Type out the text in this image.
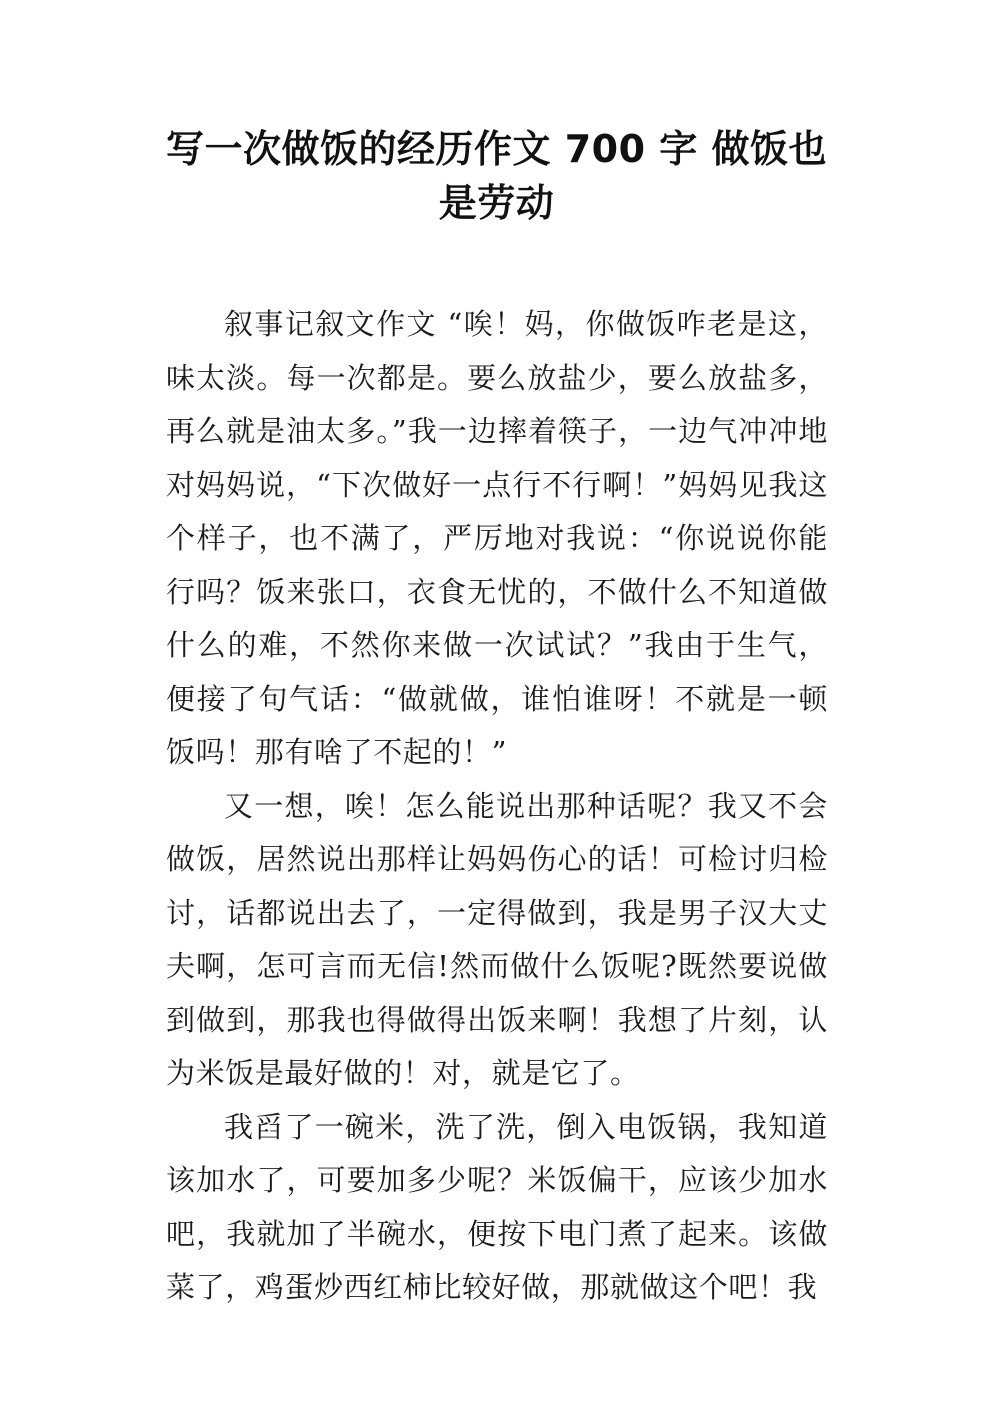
写一次做饭的经历作文 700 字 做饭也是劳动

叙事记叙文作文 “唉！妈，你做饭咋老是这，味太淡。每一次都是。要么放盐少，要么放盐多，再么就是油太多。”我一边摔着筷子，一边气冲冲地对妈妈说，“下次做好一点行不行啊！”妈妈见我这个样子，也不满了，严厉地对我说：“你说说你能行吗？饭来张口，衣食无忧的，不做什么不知道做什么的难，不然你来做一次试试？”我由于生气，便接了句气话：“做就做，谁怕谁呀！不就是一顿饭吗！那有啥了不起的！”

又一想，唉！怎么能说出那种话呢？我又不会做饭，居然说出那样让妈妈伤心的话！可检讨归检讨，话都说出去了，一定得做到，我是男子汉大丈夫啊，怎可言而无信!然而做什么饭呢?既然要说做到做到，那我也得做得出饭来啊！我想了片刻，认为米饭是最好做的！对，就是它了。

我舀了一碗米，洗了洗，倒入电饭锅，我知道该加水了，可要加多少呢？米饭偏干，应该少加水吧，我就加了半碗水，便按下电门煮了起来。该做菜了，鸡蛋炒西红柿比较好做，那就做这个吧！我
